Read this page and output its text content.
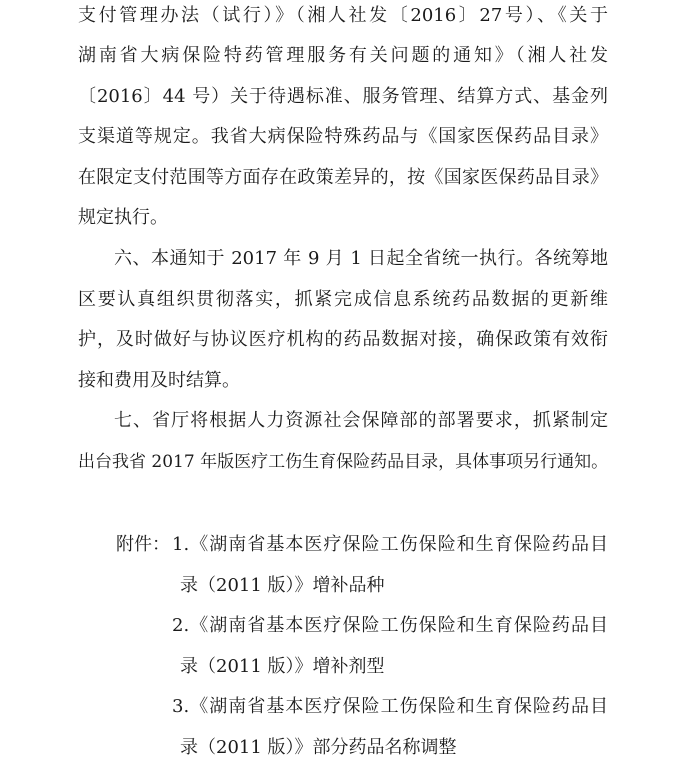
支付管理办法（试行）》（湘人社发〔2016〕27号）、《关于
湖南省大病保险特药管理服务有关问题的通知》（湘人社发
〔2016〕44 号）关于待遇标准、服务管理、结算方式、基金列
支渠道等规定。我省大病保险特殊药品与《国家医保药品目录》
在限定支付范围等方面存在政策差异的，按《国家医保药品目录》
规定执行。
六、本通知于 2017 年 9 月 1 日起全省统一执行。各统筹地
区要认真组织贯彻落实，抓紧完成信息系统药品数据的更新维
护，及时做好与协议医疗机构的药品数据对接，确保政策有效衔
接和费用及时结算。
七、省厅将根据人力资源社会保障部的部署要求，抓紧制定
出台我省 2017 年版医疗工伤生育保险药品目录，具体事项另行通知。
附件： 1.《湖南省基本医疗保险工伤保险和生育保险药品目
录（2011 版）》增补品种
2.《湖南省基本医疗保险工伤保险和生育保险药品目
录（2011 版）》增补剂型
3.《湖南省基本医疗保险工伤保险和生育保险药品目
录（2011 版）》部分药品名称调整
